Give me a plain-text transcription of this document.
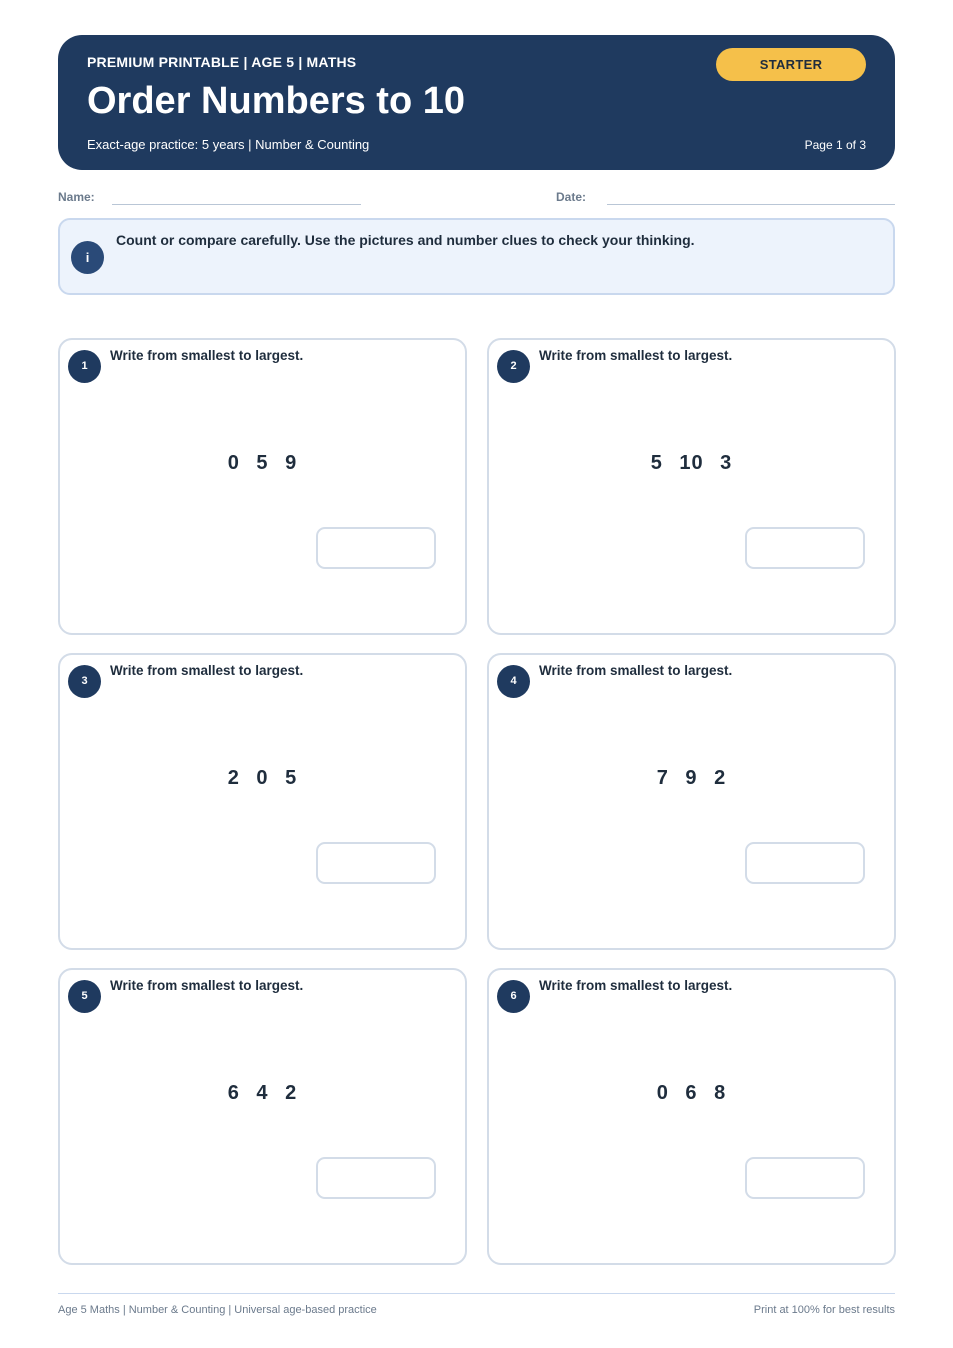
PREMIUM PRINTABLE | AGE 5 | MATHS
Order Numbers to 10
Exact-age practice: 5 years | Number & Counting	Page 1 of 3
STARTER
Name:	Date:
i
Count or compare carefully. Use the pictures and number clues to check your thinking.
1
Write from smallest to largest.
0 5 9
2
Write from smallest to largest.
5 10 3
3
Write from smallest to largest.
2 0 5
4
Write from smallest to largest.
7 9 2
5
Write from smallest to largest.
6 4 2
6
Write from smallest to largest.
0 6 8
Age 5 Maths | Number & Counting | Universal age-based practice	Print at 100% for best results
